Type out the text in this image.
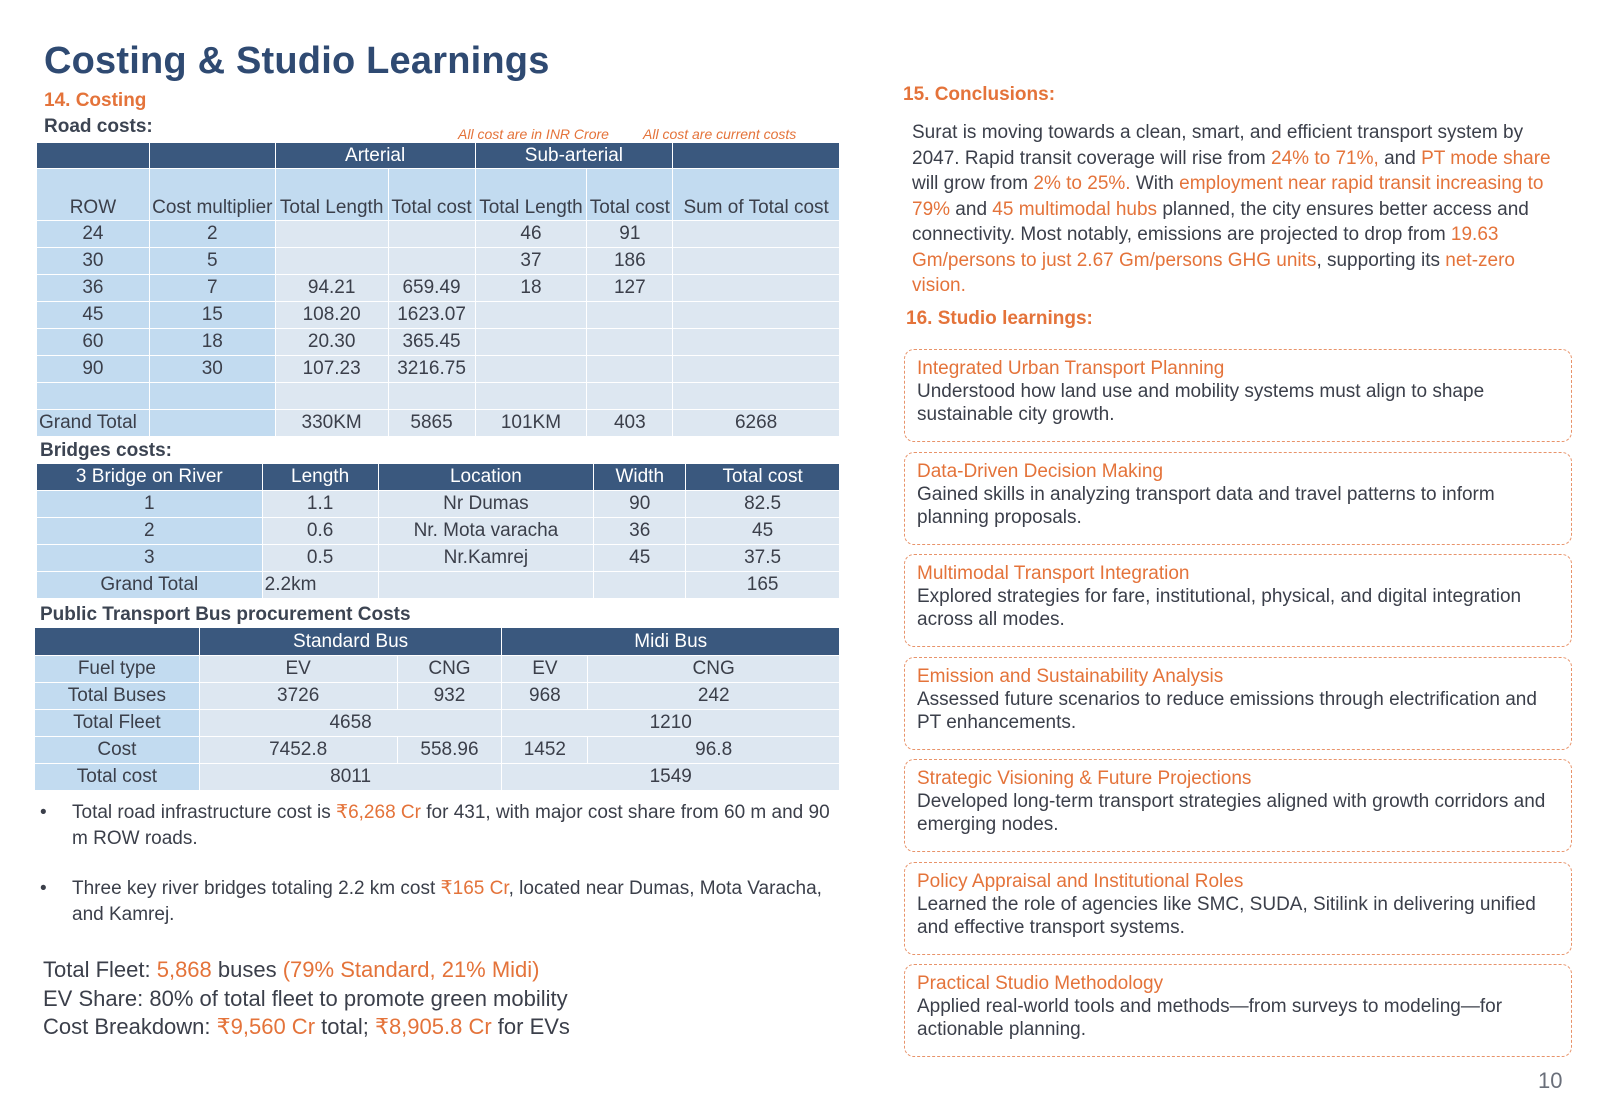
Costing & Studio Learnings
14. Costing
Road costs:	All cost are in INR Crore All cost are current costs
		Arterial		Sub-arterial		
ROW	Cost multiplier	Total Length	Total cost	Total Length	Total cost	Sum of Total cost
24	2			46	91	
30	5			37	186	
36	7	94.21	659.49	18	127	
45	15	108.20	1623.07			
60	18	20.30	365.45			
90	30	107.23	3216.75			

Grand Total		330KM	5865	101KM	403	6268
Bridges costs:
3 Bridge on River	Length	Location	Width	Total cost
1	1.1	Nr Dumas	90	82.5
2	0.6	Nr. Mota varacha	36	45
3	0.5	Nr.Kamrej	45	37.5
Grand Total	2.2km			165
Public Transport Bus procurement Costs
	Standard Bus		Midi Bus	
Fuel type	EV	CNG	EV	CNG
Total Buses	3726	932	968	242
Total Fleet	4658		1210	
Cost	7452.8	558.96	1452	96.8
Total cost	8011		1549	
• Total road infrastructure cost is ₹6,268 Cr for 431, with major cost share from 60 m and 90 m ROW roads.
• Three key river bridges totaling 2.2 km cost ₹165 Cr, located near Dumas, Mota Varacha, and Kamrej.
Total Fleet: 5,868 buses (79% Standard, 21% Midi)
EV Share: 80% of total fleet to promote green mobility
Cost Breakdown: ₹9,560 Cr total; ₹8,905.8 Cr for EVs
15. Conclusions:
Surat is moving towards a clean, smart, and efficient transport system by 2047. Rapid transit coverage will rise from 24% to 71%, and PT mode share will grow from 2% to 25%. With employment near rapid transit increasing to 79% and 45 multimodal hubs planned, the city ensures better access and connectivity. Most notably, emissions are projected to drop from 19.63 Gm/persons to just 2.67 Gm/persons GHG units, supporting its net-zero vision.
16. Studio learnings:
Integrated Urban Transport Planning
Understood how land use and mobility systems must align to shape sustainable city growth.
Data-Driven Decision Making
Gained skills in analyzing transport data and travel patterns to inform planning proposals.
Multimodal Transport Integration
Explored strategies for fare, institutional, physical, and digital integration across all modes.
Emission and Sustainability Analysis
Assessed future scenarios to reduce emissions through electrification and PT enhancements.
Strategic Visioning & Future Projections
Developed long-term transport strategies aligned with growth corridors and emerging nodes.
Policy Appraisal and Institutional Roles
Learned the role of agencies like SMC, SUDA, Sitilink in delivering unified and effective transport systems.
Practical Studio Methodology
Applied real-world tools and methods—from surveys to modeling—for actionable planning.
10
